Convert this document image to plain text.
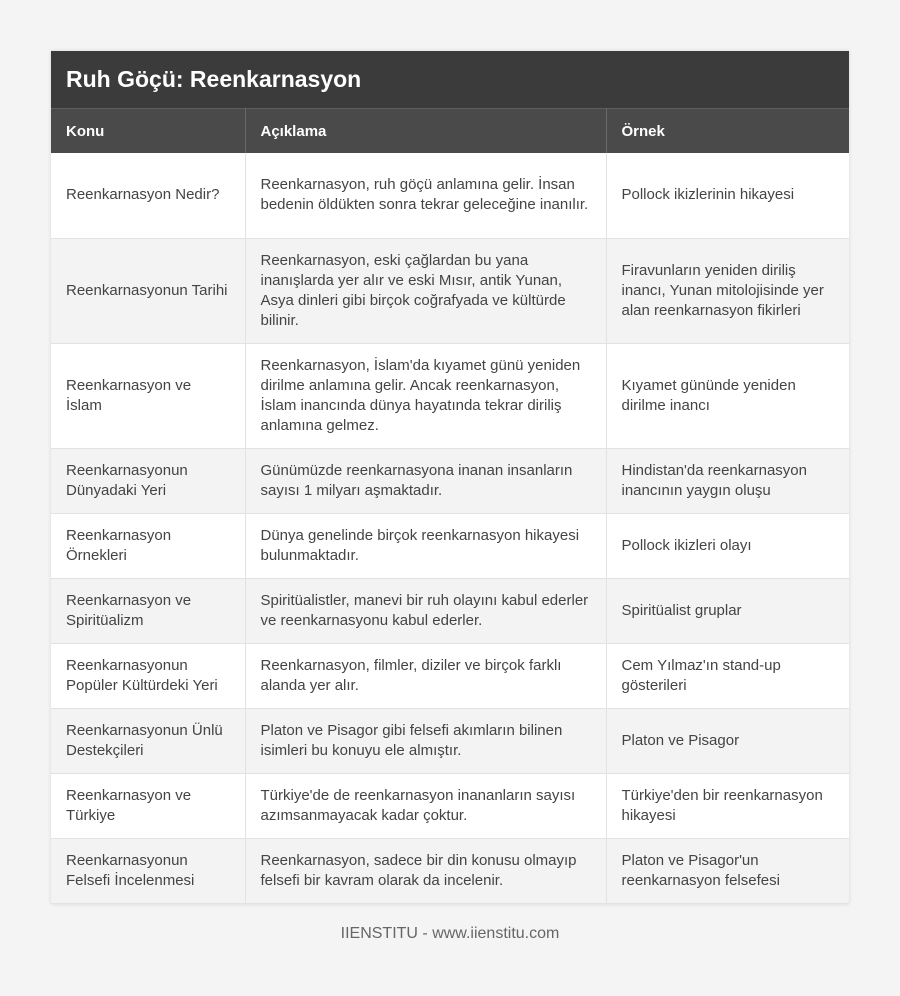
Ruh Göçü: Reenkarnasyon
Konu	Açıklama	Örnek
Reenkarnasyon Nedir?	Reenkarnasyon, ruh göçü anlamına gelir. İnsan bedenin öldükten sonra tekrar geleceğine inanılır.	Pollock ikizlerinin hikayesi
Reenkarnasyonun Tarihi	Reenkarnasyon, eski çağlardan bu yana inanışlarda yer alır ve eski Mısır, antik Yunan, Asya dinleri gibi birçok coğrafyada ve kültürde bilinir.	Firavunların yeniden diriliş inancı, Yunan mitolojisinde yer alan reenkarnasyon fikirleri
Reenkarnasyon ve İslam	Reenkarnasyon, İslam'da kıyamet günü yeniden dirilme anlamına gelir. Ancak reenkarnasyon, İslam inancında dünya hayatında tekrar diriliş anlamına gelmez.	Kıyamet gününde yeniden dirilme inancı
Reenkarnasyonun Dünyadaki Yeri	Günümüzde reenkarnasyona inanan insanların sayısı 1 milyarı aşmaktadır.	Hindistan'da reenkarnasyon inancının yaygın oluşu
Reenkarnasyon Örnekleri	Dünya genelinde birçok reenkarnasyon hikayesi bulunmaktadır.	Pollock ikizleri olayı
Reenkarnasyon ve Spiritüalizm	Spiritüalistler, manevi bir ruh olayını kabul ederler ve reenkarnasyonu kabul ederler.	Spiritüalist gruplar
Reenkarnasyonun Popüler Kültürdeki Yeri	Reenkarnasyon, filmler, diziler ve birçok farklı alanda yer alır.	Cem Yılmaz'ın stand-up gösterileri
Reenkarnasyonun Ünlü Destekçileri	Platon ve Pisagor gibi felsefi akımların bilinen isimleri bu konuyu ele almıştır.	Platon ve Pisagor
Reenkarnasyon ve Türkiye	Türkiye'de de reenkarnasyon inananların sayısı azımsanmayacak kadar çoktur.	Türkiye'den bir reenkarnasyon hikayesi
Reenkarnasyonun Felsefi İncelenmesi	Reenkarnasyon, sadece bir din konusu olmayıp felsefi bir kavram olarak da incelenir.	Platon ve Pisagor'un reenkarnasyon felsefesi
IIENSTITU - www.iienstitu.com
